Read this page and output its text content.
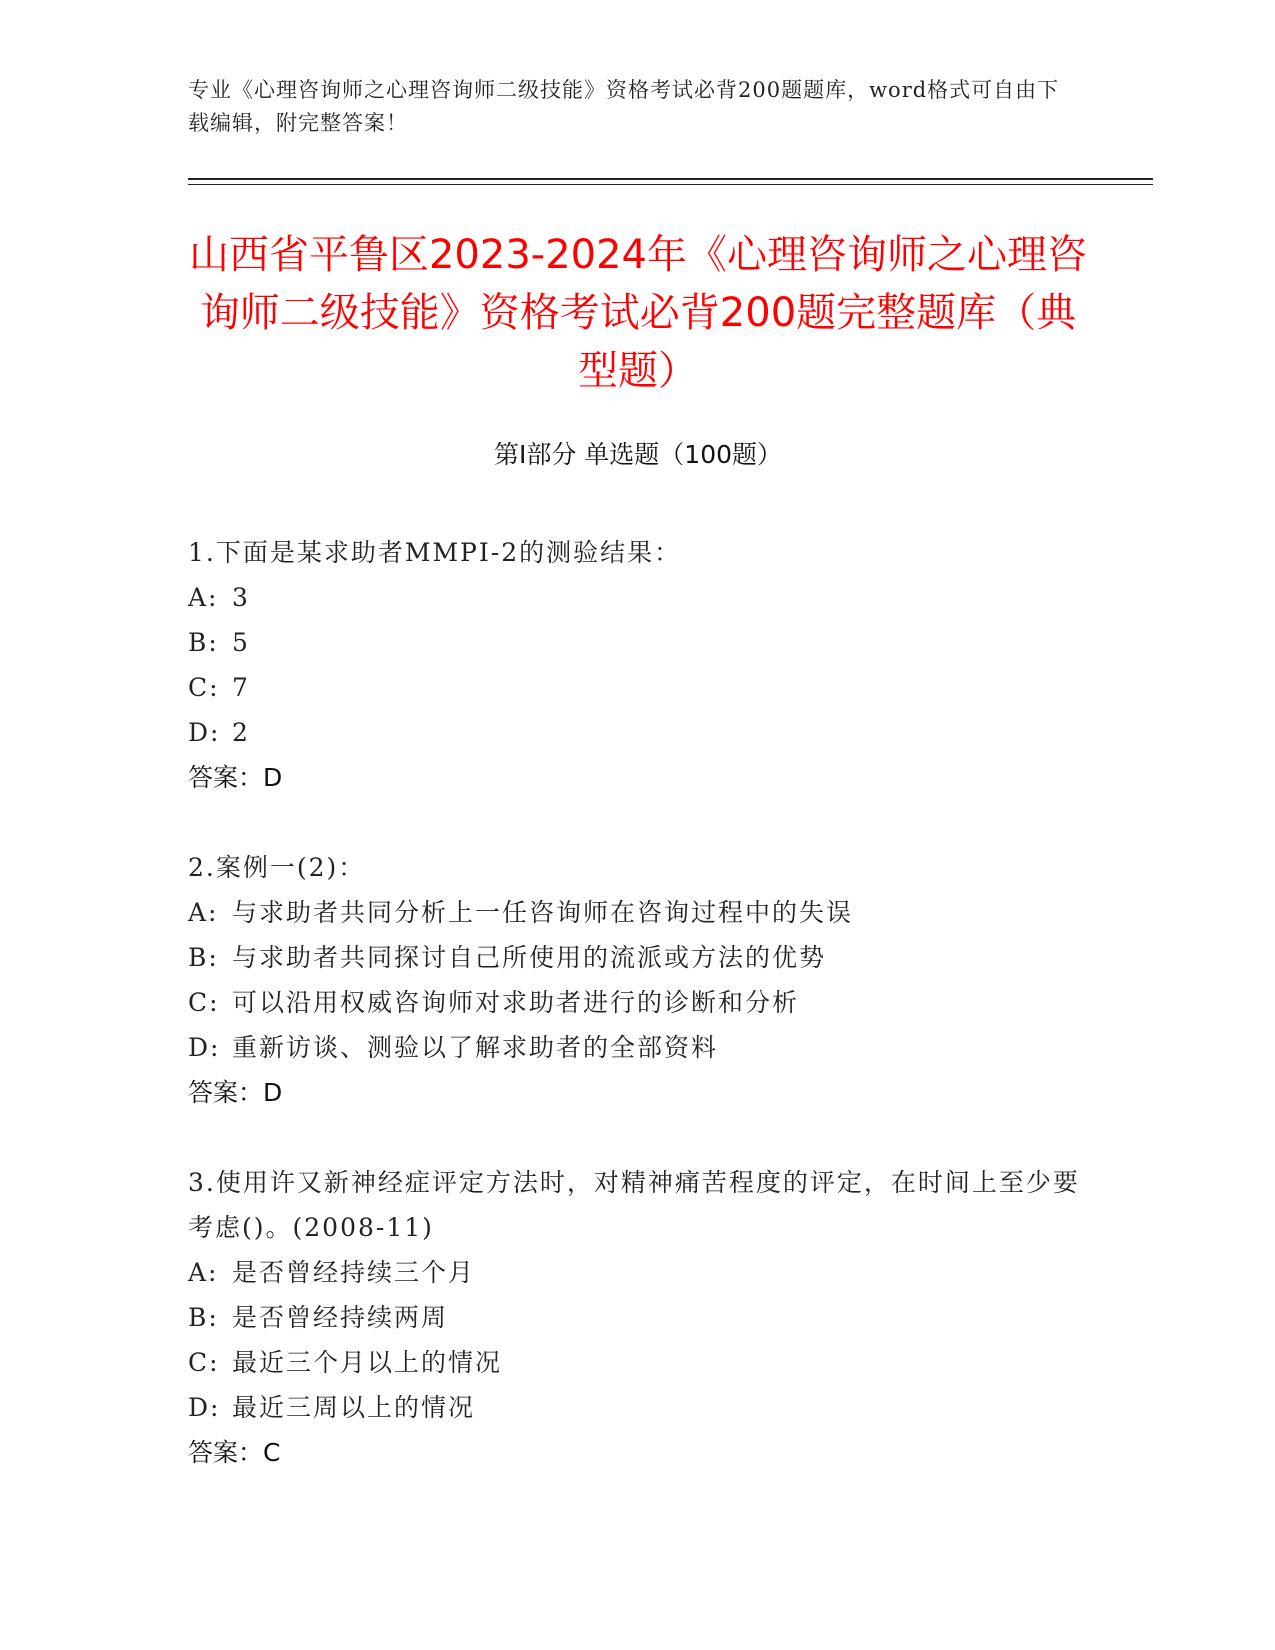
专业《心理咨询师之心理咨询师二级技能》资格考试必背200题题库，word格式可自由下载编辑，附完整答案！
山西省平鲁区2023-2024年《心理咨询师之心理咨询师二级技能》资格考试必背200题完整题库（典型题）
第I部分 单选题（100题）
1.下面是某求助者MMPI-2的测验结果：
A: 3
B: 5
C: 7
D: 2
答案：D
2.案例一(2)：
A: 与求助者共同分析上一任咨询师在咨询过程中的失误
B: 与求助者共同探讨自己所使用的流派或方法的优势
C: 可以沿用权威咨询师对求助者进行的诊断和分析
D: 重新访谈、测验以了解求助者的全部资料
答案：D
3.使用许又新神经症评定方法时，对精神痛苦程度的评定，在时间上至少要考虑()。(2008-11)
A: 是否曾经持续三个月
B: 是否曾经持续两周
C: 最近三个月以上的情况
D: 最近三周以上的情况
答案：C
